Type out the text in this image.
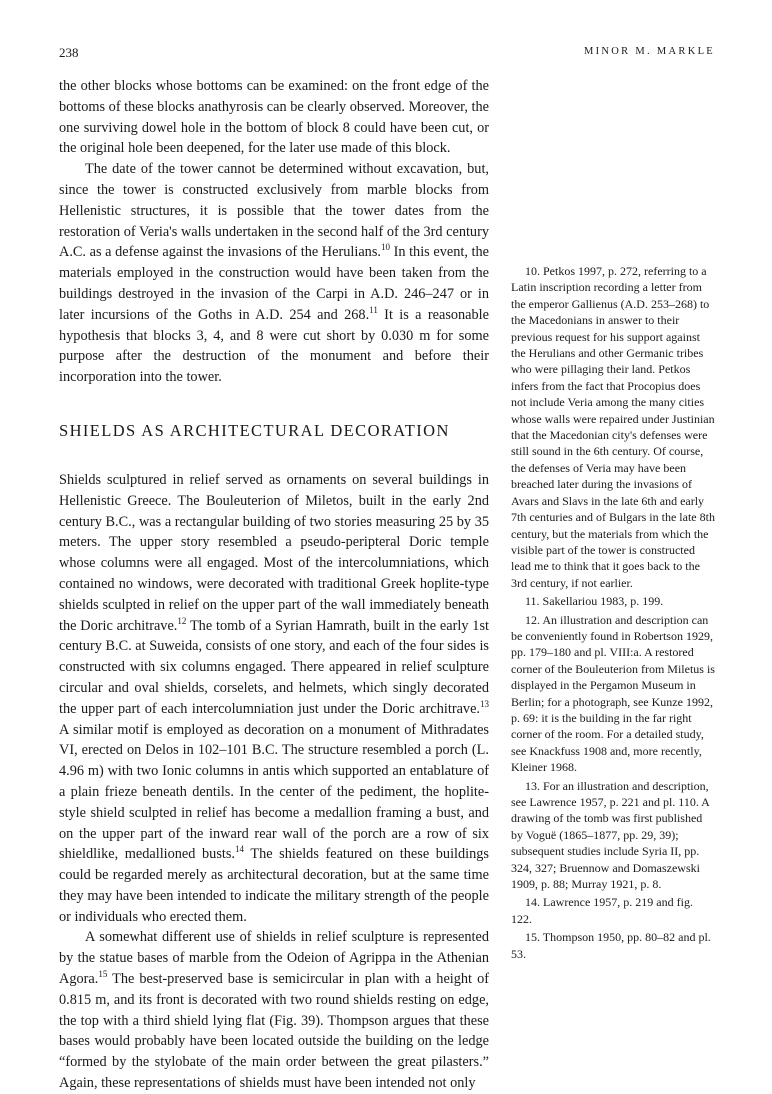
238	MINOR M. MARKLE

the other blocks whose bottoms can be examined: on the front edge of the bottoms of these blocks anathyrosis can be clearly observed. Moreover, the one surviving dowel hole in the bottom of block 8 could have been cut, or the original hole been deepened, for the later use made of this block.

The date of the tower cannot be determined without excavation, but, since the tower is constructed exclusively from marble blocks from Hellenistic structures, it is possible that the tower dates from the restoration of Veria's walls undertaken in the second half of the 3rd century A.C. as a defense against the invasions of the Herulians.$^{10}$ In this event, the materials employed in the construction would have been taken from the buildings destroyed in the invasion of the Carpi in A.D. 246–247 or in later incursions of the Goths in A.D. 254 and 268.11 It is a reasonable hypothesis that blocks 3, 4, and 8 were cut short by 0.030 m for some purpose after the destruction of the monument and before their incorporation into the tower.

SHIELDS AS ARCHITECTURAL DECORATION

Shields sculptured in relief served as ornaments on several buildings in Hellenistic Greece. The Bouleuterion of Miletos, built in the early 2nd century B.C., was a rectangular building of two stories measuring 25 by 35 meters. The upper story resembled a pseudo-peripteral Doric temple whose columns were all engaged. Most of the intercolumniations, which contained no windows, were decorated with traditional Greek hoplite-type shields sculpted in relief on the upper part of the wall immediately beneath the Doric architrave.$^{12}$ The tomb of a Syrian Hamrath, built in the early 1st century B.C. at Suweida, consists of one story, and each of the four sides is constructed with six columns engaged. There appeared in relief sculpture circular and oval shields, corselets, and helmets, which singly decorated the upper part of each intercolumniation just under the Doric architrave.$^{13}$ A similar motif is employed as decoration on a monument of Mithradates VI, erected on Delos in 102–101 B.C. The structure resembled a porch (L. 4.96 m) with two Ionic columns in antis which supported an entablature of a plain frieze beneath dentils. In the center of the pediment, the hoplite-style shield sculpted in relief has become a medallion framing a bust, and on the upper part of the inward rear wall of the porch are a row of six shieldlike, medallioned busts.$^{14}$ The shields featured on these buildings could be regarded merely as architectural decoration, but at the same time they may have been intended to indicate the military strength of the people or individuals who erected them.

A somewhat different use of shields in relief sculpture is represented by the statue bases of marble from the Odeion of Agrippa in the Athenian Agora.$^{15}$ The best-preserved base is semicircular in plan with a height of 0.815 m, and its front is decorated with two round shields resting on edge, the top with a third shield lying flat (Fig. 39). Thompson argues that these bases would probably have been located outside the building on the ledge “formed by the stylobate of the main order between the great pilasters.” Again, these representations of shields must have been intended not only

10. Petkos 1997, p. 272, referring to a Latin inscription recording a letter from the emperor Gallienus (A.D. 253–268) to the Macedonians in answer to their previous request for his support against the Herulians and other Germanic tribes who were pillaging their land. Petkos infers from the fact that Procopius does not include Veria among the many cities whose walls were repaired under Justinian that the Macedonian city's defenses were still sound in the 6th century. Of course, the defenses of Veria may have been breached later during the invasions of Avars and Slavs in the late 6th and early 7th centuries and of Bulgars in the late 8th century, but the materials from which the visible part of the tower is constructed lead me to think that it goes back to the 3rd century, if not earlier.

11. Sakellariou 1983, p. 199.

12. An illustration and description can be conveniently found in Robertson 1929, pp. 179–180 and pl. VIII:a. A restored corner of the Bouleuterion from Miletus is displayed in the Pergamon Museum in Berlin; for a photograph, see Kunze 1992, p. 69: it is the building in the far right corner of the room. For a detailed study, see Knackfuss 1908 and, more recently, Kleiner 1968.

13. For an illustration and description, see Lawrence 1957, p. 221 and pl. 110. A drawing of the tomb was first published by Voguë (1865–1877, pp. 29, 39); subsequent studies include Syria II, pp. 324, 327; Bruennow and Domaszewski 1909, p. 88; Murray 1921, p. 8.

14. Lawrence 1957, p. 219 and fig. 122.

15. Thompson 1950, pp. 80–82 and pl. 53.
